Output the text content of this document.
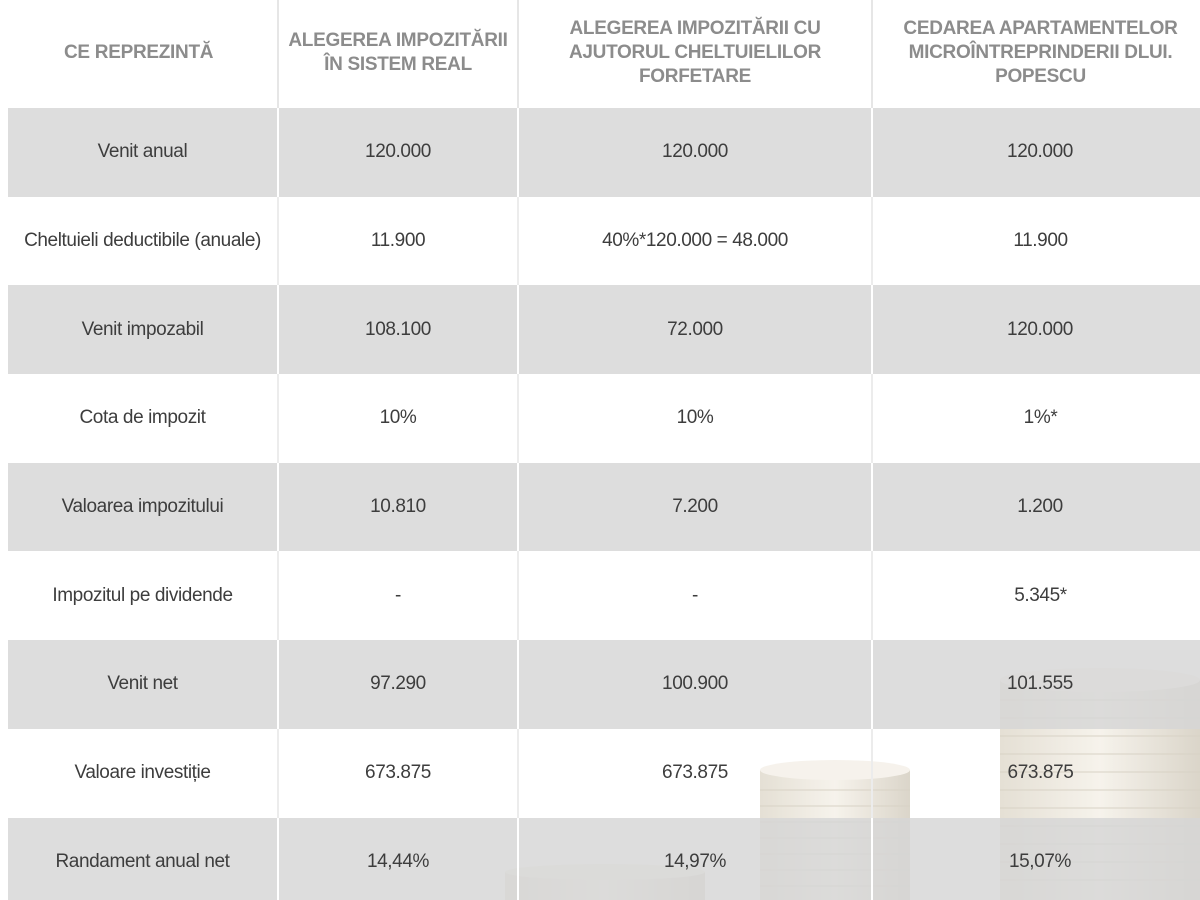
CE REPREZINTĂ	ALEGEREA IMPOZITĂRII ÎN SISTEM REAL	ALEGEREA IMPOZITĂRII CU AJUTORUL CHELTUIELILOR FORFETARE	CEDAREA APARTAMENTELOR MICROÎNTREPRINDERII DLUI. POPESCU
Venit anual	120.000	120.000	120.000
Cheltuieli deductibile (anuale)	11.900	40%*120.000 = 48.000	11.900
Venit impozabil	108.100	72.000	120.000
Cota de impozit	10%	10%	1%*
Valoarea impozitului	10.810	7.200	1.200
Impozitul pe dividende	-	-	5.345*
Venit net	97.290	100.900	101.555
Valoare investiție	673.875	673.875	673.875
Randament anual net	14,44%	14,97%	15,07%
